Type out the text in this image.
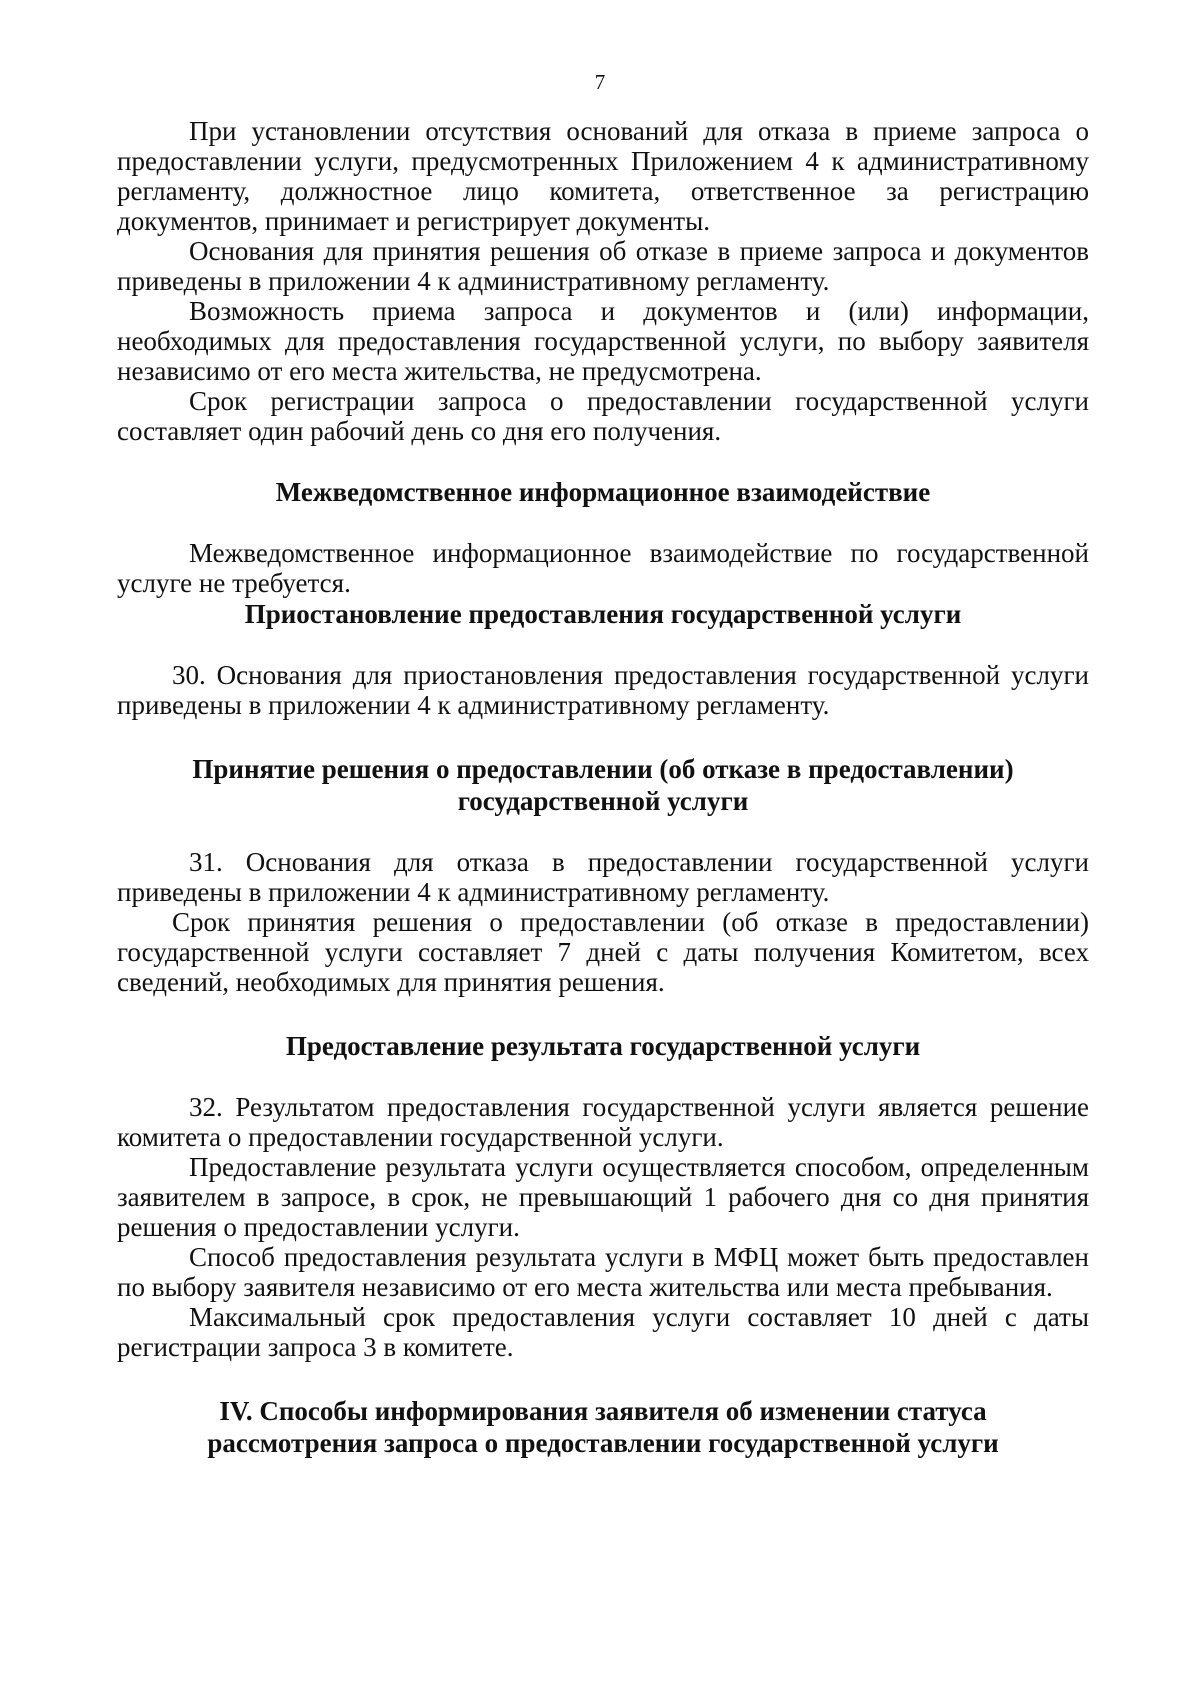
7

При установлении отсутствия оснований для отказа в приеме запроса о предоставлении услуги, предусмотренных Приложением 4 к административному регламенту, должностное лицо комитета, ответственное за регистрацию документов, принимает и регистрирует документы.

Основания для принятия решения об отказе в приеме запроса и документов приведены в приложении 4 к административному регламенту.

Возможность приема запроса и документов и (или) информации, необходимых для предоставления государственной услуги, по выбору заявителя независимо от его места жительства, не предусмотрена.

Срок регистрации запроса о предоставлении государственной услуги составляет один рабочий день со дня его получения.

Межведомственное информационное взаимодействие

Межведомственное информационное взаимодействие по государственной услуге не требуется.

Приостановление предоставления государственной услуги

30. Основания для приостановления предоставления государственной услуги приведены в приложении 4 к административному регламенту.

Принятие решения о предоставлении (об отказе в предоставлении)
государственной услуги

31. Основания для отказа в предоставлении государственной услуги приведены в приложении 4 к административному регламенту.

Срок принятия решения о предоставлении (об отказе в предоставлении) государственной услуги составляет 7 дней с даты получения Комитетом, всех сведений, необходимых для принятия решения.

Предоставление результата государственной услуги

32. Результатом предоставления государственной услуги является решение комитета о предоставлении государственной услуги.

Предоставление результата услуги осуществляется способом, определенным заявителем в запросе, в срок, не превышающий 1 рабочего дня со дня принятия решения о предоставлении услуги.

Способ предоставления результата услуги в МФЦ может быть предоставлен по выбору заявителя независимо от его места жительства или места пребывания.

Максимальный срок предоставления услуги составляет 10 дней с даты регистрации запроса 3 в комитете.

IV. Способы информирования заявителя об изменении статуса
рассмотрения запроса о предоставлении государственной услуги
